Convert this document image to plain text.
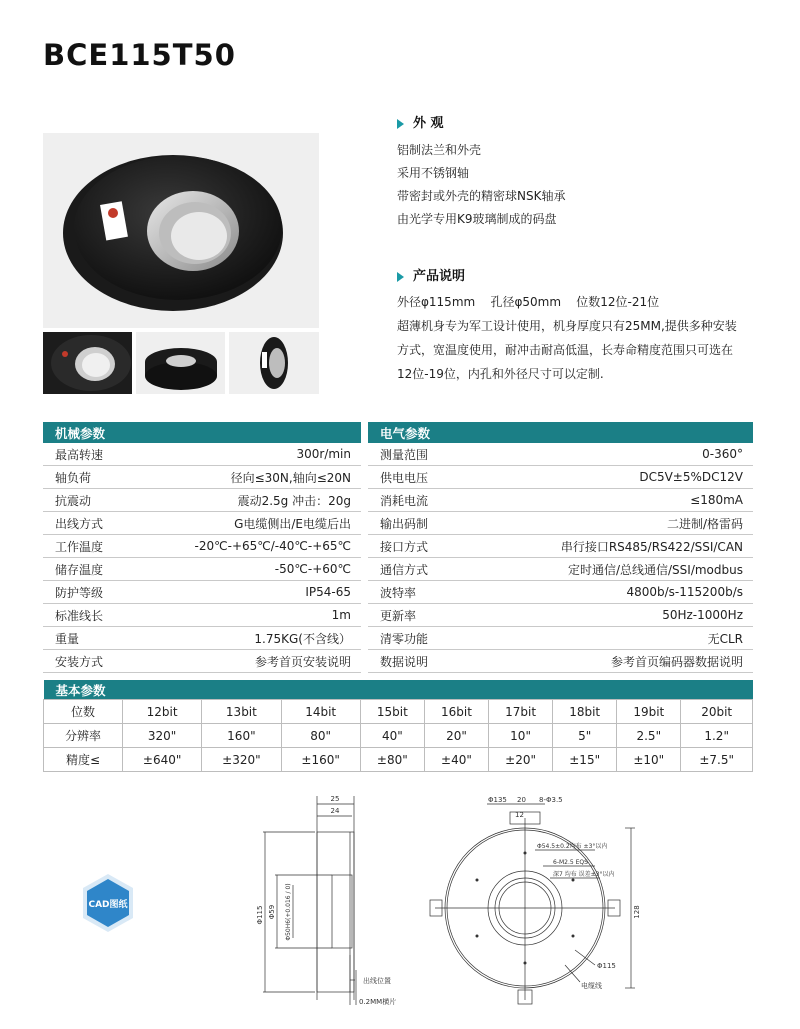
BCE115T50
外 观
铝制法兰和外壳
采用不锈钢轴
带密封或外壳的精密球NSK轴承
由光学专用K9玻璃制成的码盘
产品说明
外径φ115mm    孔径φ50mm    位数12位-21位
超薄机身专为军工设计使用，机身厚度只有25MM,提供多种安装
方式，宽温度使用，耐冲击耐高低温，长寿命精度范围只可选在
12位-19位，内孔和外径尺寸可以定制.
机械参数	
最高转速	300r/min
轴负荷	径向≤30N,轴向≤20N
抗震动	震动2.5g 冲击：20g
出线方式	G电缆侧出/E电缆后出
工作温度	-20℃-+65℃/-40℃-+65℃
储存温度	-50℃-+60℃
防护等级	IP54-65
标准线长	1m
重量	1.75KG(不含线）
安装方式	参考首页安装说明
电气参数	
测量范围	0-360°
供电电压	DC5V±5%DC12V
消耗电流	≤180mA
输出码制	二进制/格雷码
接口方式	串行接口RS485/RS422/SSI/CAN
通信方式	定时通信/总线通信/SSI/modbus
波特率	4800b/s-115200b/s
更新率	50Hz-1000Hz
清零功能	无CLR
数据说明	参考首页编码器数据说明
基本参数									
位数	12bit	13bit	14bit	15bit	16bit	17bit	18bit	19bit	20bit
分辨率	320"	160"	80"	40"	20"	10"	5"	2.5"	1.2"
精度≤	±640"	±320"	±160"	±80"	±40"	±20"	±15"	±10"	±7.5"
CAD图纸
25
24
Φ115 Φ59 Φ50H6(+0.016 / 0)
出线位置
0.2MM横片
Φ135 20 8-Φ3.5
12
Φ54.5±0.2均布 ±3°以内
6-M2.5 EQS
深7 均布 误差±3°以内
128
Φ115
电缆线
